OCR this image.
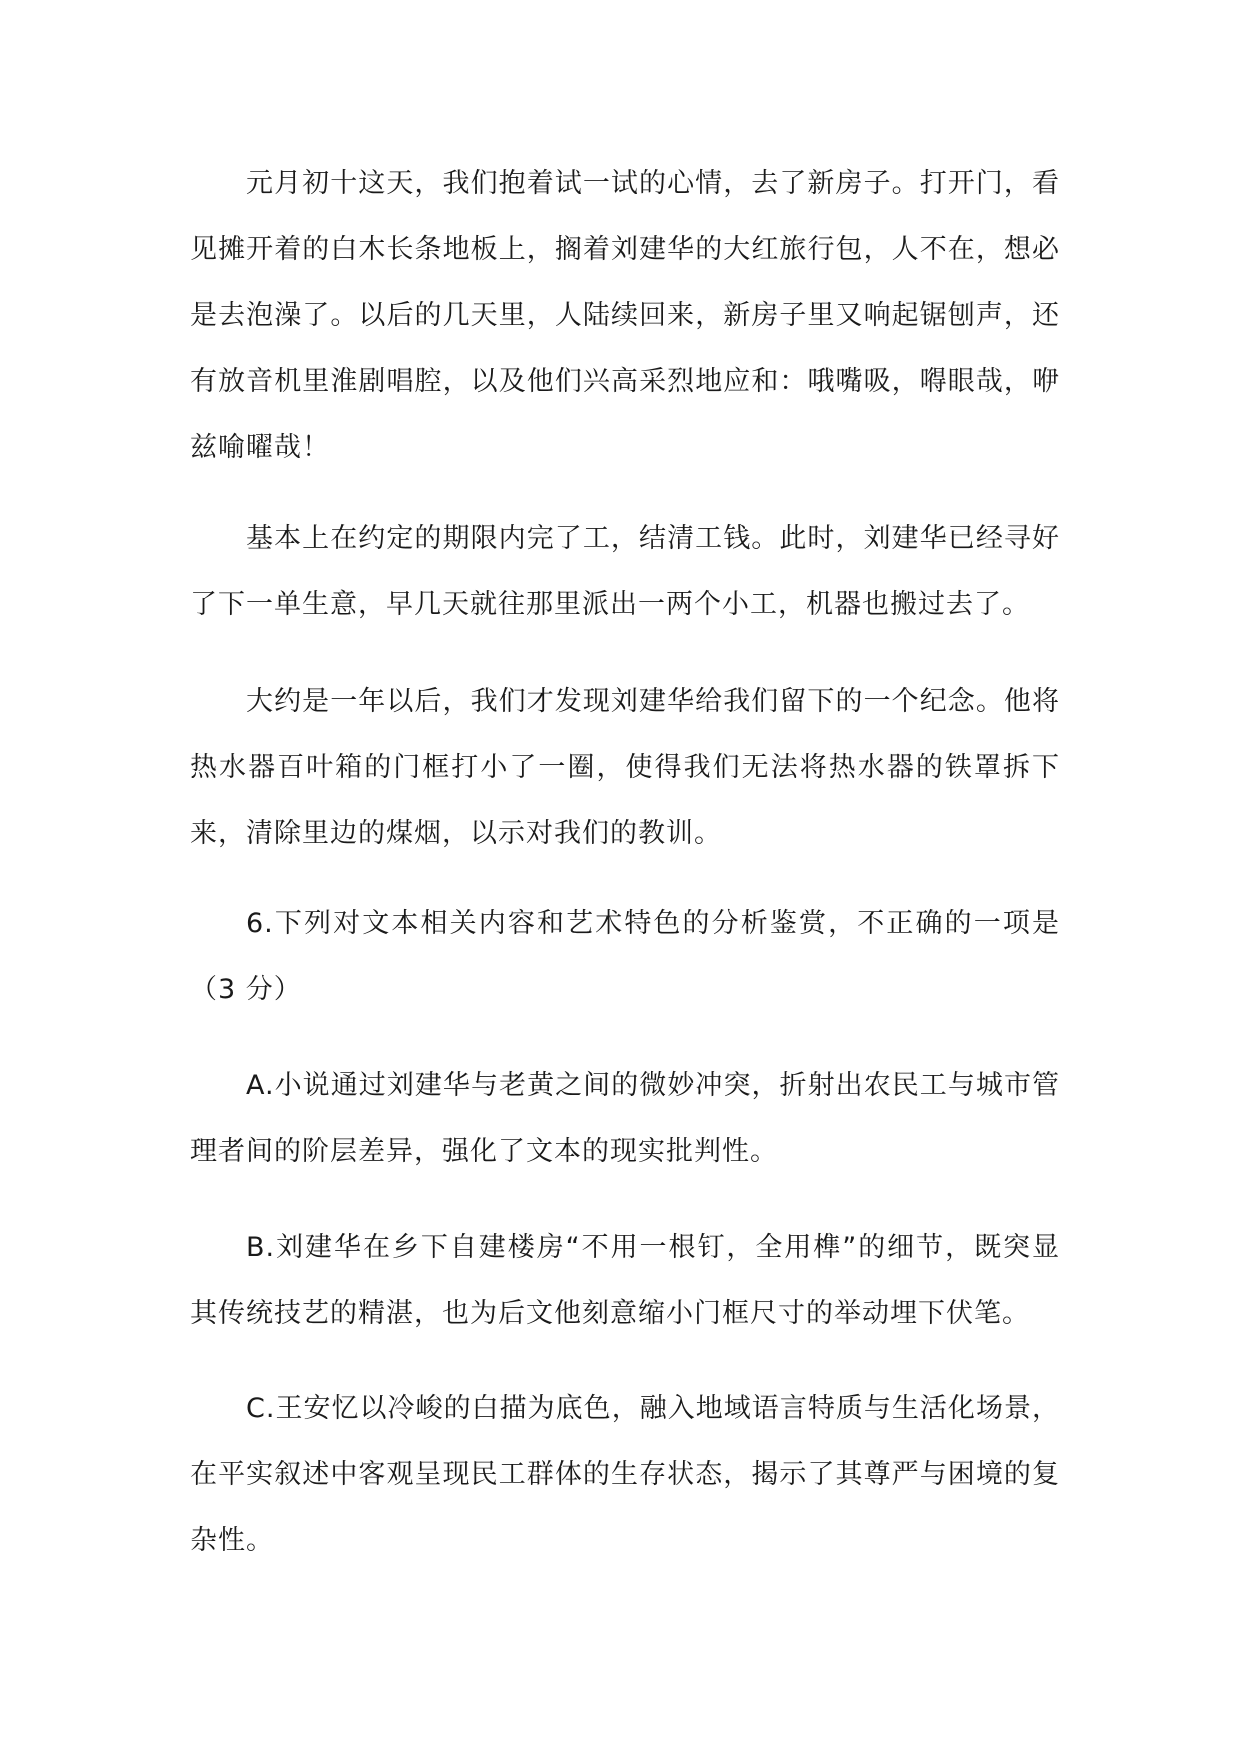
元月初十这天，我们抱着试一试的心情，去了新房子。打开门，看见摊开着的白木长条地板上，搁着刘建华的大红旅行包，人不在，想必是去泡澡了。以后的几天里，人陆续回来，新房子里又响起锯刨声，还有放音机里淮剧唱腔，以及他们兴高采烈地应和：哦嘴吸，嘚眼哉，咿兹喻曜哉！

基本上在约定的期限内完了工，结清工钱。此时，刘建华已经寻好了下一单生意，早几天就往那里派出一两个小工，机器也搬过去了。

大约是一年以后，我们才发现刘建华给我们留下的一个纪念。他将热水器百叶箱的门框打小了一圈，使得我们无法将热水器的铁罩拆下来，清除里边的煤烟，以示对我们的教训。

6.下列对文本相关内容和艺术特色的分析鉴赏，不正确的一项是（3 分）

A.小说通过刘建华与老黄之间的微妙冲突，折射出农民工与城市管理者间的阶层差异，强化了文本的现实批判性。

B.刘建华在乡下自建楼房“不用一根钉，全用榫”的细节，既突显其传统技艺的精湛，也为后文他刻意缩小门框尺寸的举动埋下伏笔。

C.王安忆以冷峻的白描为底色，融入地域语言特质与生活化场景，在平实叙述中客观呈现民工群体的生存状态，揭示了其尊严与困境的复杂性。
